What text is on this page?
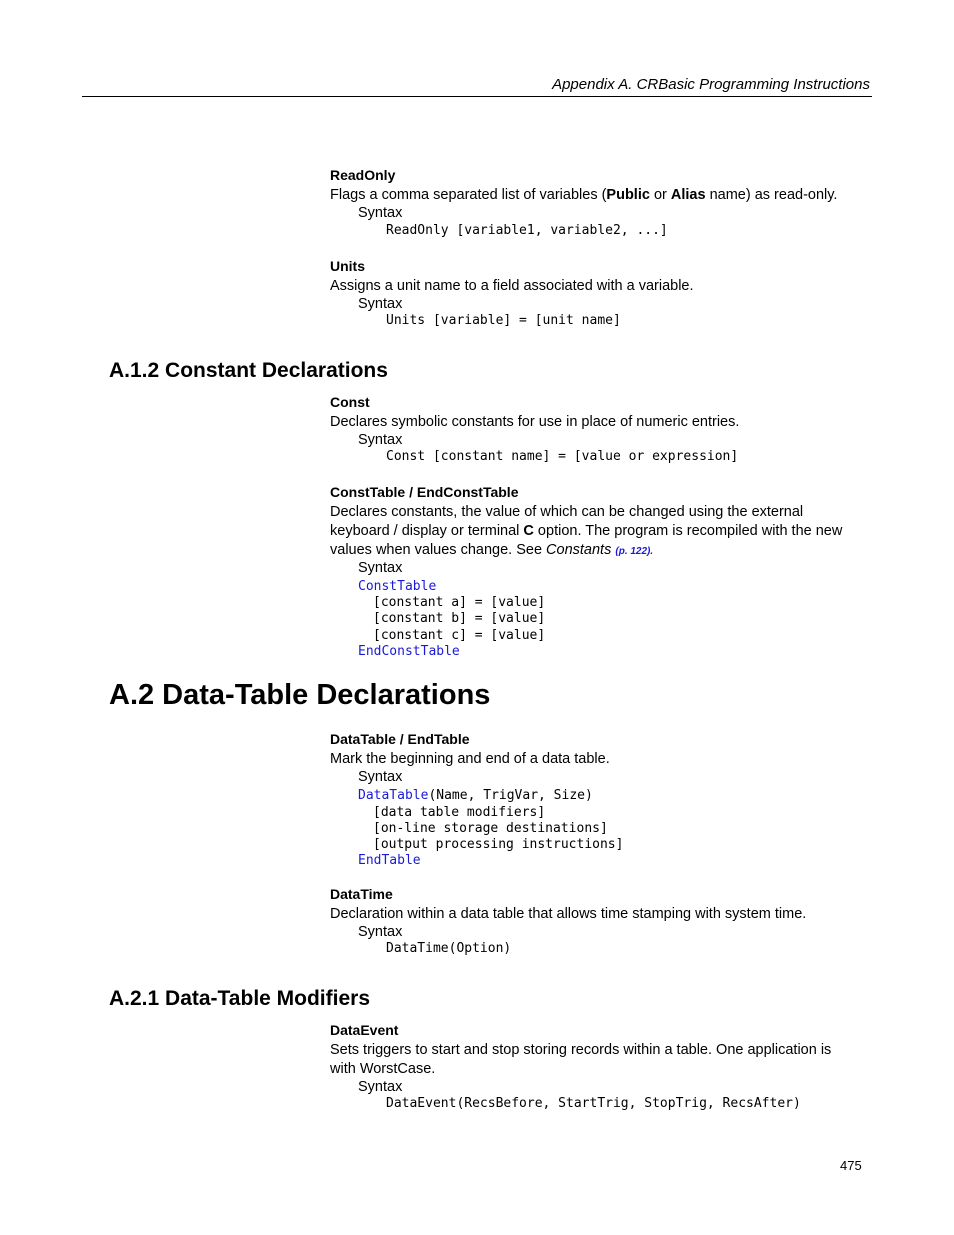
Appendix A. CRBasic Programming Instructions
ReadOnly
Flags a comma separated list of variables (Public or Alias name) as read-only.
Syntax
ReadOnly [variable1, variable2, ...]
Units
Assigns a unit name to a field associated with a variable.
Syntax
Units [variable] = [unit name]
A.1.2 Constant Declarations
Const
Declares symbolic constants for use in place of numeric entries.
Syntax
Const [constant name] = [value or expression]
ConstTable / EndConstTable
Declares constants, the value of which can be changed using the external
keyboard / display or terminal C option. The program is recompiled with the new
values when values change. See Constants (p. 122).
Syntax
ConstTable
[constant a] = [value]
[constant b] = [value]
[constant c] = [value]
EndConstTable
A.2 Data-Table Declarations
DataTable / EndTable
Mark the beginning and end of a data table.
Syntax
DataTable(Name, TrigVar, Size)
[data table modifiers]
[on-line storage destinations]
[output processing instructions]
EndTable
DataTime
Declaration within a data table that allows time stamping with system time.
Syntax
DataTime(Option)
A.2.1 Data-Table Modifiers
DataEvent
Sets triggers to start and stop storing records within a table. One application is
with WorstCase.
Syntax
DataEvent(RecsBefore, StartTrig, StopTrig, RecsAfter)
475
